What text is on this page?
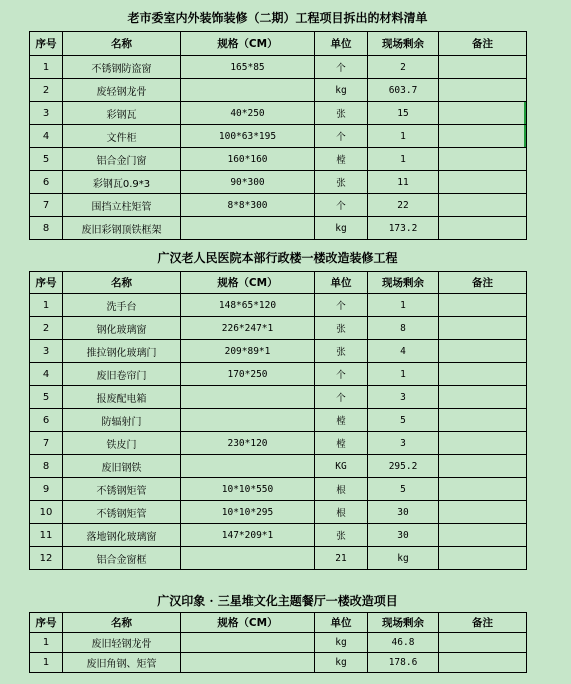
老市委室内外装饰装修（二期）工程项目拆出的材料清单
序号	名称	规格（CM）	单位	现场剩余	备注
1	不锈钢防盗窗	165*85	个	2	
2	废轻钢龙骨		kg	603.7	
3	彩钢瓦	40*250	张	15	
4	文件柜	100*63*195	个	1	
5	铝合金门窗	160*160	樘	1	
6	彩钢瓦0.9*3	90*300	张	11	
7	围挡立柱矩管	8*8*300	个	22	
8	废旧彩钢顶铁框架		kg	173.2	
广汉老人民医院本部行政楼一楼改造装修工程
序号	名称	规格（CM）	单位	现场剩余	备注
1	洗手台	148*65*120	个	1	
2	钢化玻璃窗	226*247*1	张	8	
3	推拉钢化玻璃门	209*89*1	张	4	
4	废旧卷帘门	170*250	个	1	
5	报废配电箱		个	3	
6	防辐射门		樘	5	
7	铁皮门	230*120	樘	3	
8	废旧钢铁		KG	295.2	
9	不锈钢矩管	10*10*550	根	5	
10	不锈钢矩管	10*10*295	根	30	
11	落地钢化玻璃窗	147*209*1	张	30	
12	铝合金窗框		21	kg	
广汉印象 · 三星堆文化主题餐厅一楼改造项目
序号	名称	规格（CM）	单位	现场剩余	备注
1	废旧轻钢龙骨		kg	46.8	
1	废旧角钢、矩管		kg	178.6	
